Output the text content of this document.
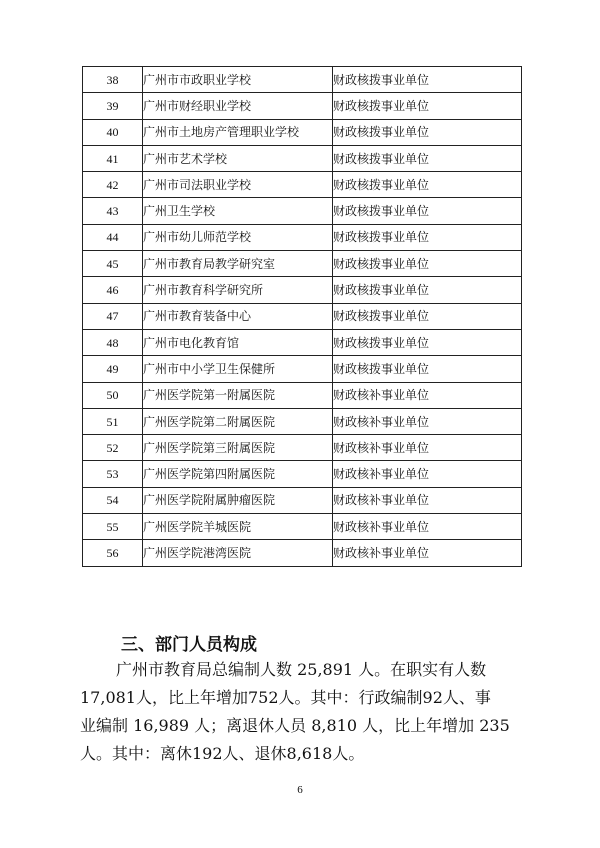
38	广州市市政职业学校	财政核拨事业单位
39	广州市财经职业学校	财政核拨事业单位
40	广州市土地房产管理职业学校	财政核拨事业单位
41	广州市艺术学校	财政核拨事业单位
42	广州市司法职业学校	财政核拨事业单位
43	广州卫生学校	财政核拨事业单位
44	广州市幼儿师范学校	财政核拨事业单位
45	广州市教育局教学研究室	财政核拨事业单位
46	广州市教育科学研究所	财政核拨事业单位
47	广州市教育装备中心	财政核拨事业单位
48	广州市电化教育馆	财政核拨事业单位
49	广州市中小学卫生保健所	财政核拨事业单位
50	广州医学院第一附属医院	财政核补事业单位
51	广州医学院第二附属医院	财政核补事业单位
52	广州医学院第三附属医院	财政核补事业单位
53	广州医学院第四附属医院	财政核补事业单位
54	广州医学院附属肿瘤医院	财政核补事业单位
55	广州医学院羊城医院	财政核补事业单位
56	广州医学院港湾医院	财政核补事业单位
三、部门人员构成

广州市教育局总编制人数 25,891 人。在职实有人数
17,081人，比上年增加752人。其中：行政编制92人、事
业编制 16,989 人；离退休人员 8,810 人，比上年增加 235
人。其中：离休192人、退休8,618人。

6
